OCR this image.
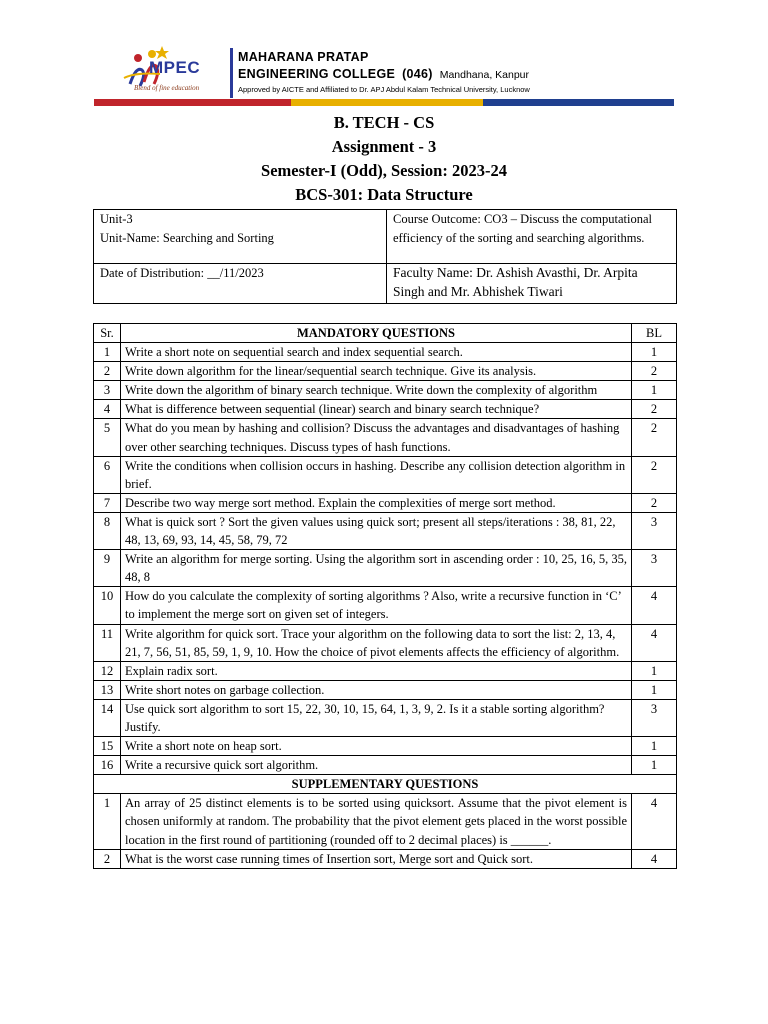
MPEC
Blend of fine education
MAHARANA PRATAP
ENGINEERING COLLEGE (046) Mandhana, Kanpur
Approved by AICTE and Affiliated to Dr. APJ Abdul Kalam Technical University, Lucknow
B. TECH - CS
Assignment - 3
Semester-I (Odd), Session: 2023-24
BCS-301: Data Structure
Unit-3
Unit-Name: Searching and Sorting	Course Outcome: CO3 – Discuss the computational efficiency of the sorting and searching algorithms.
Date of Distribution: __/11/2023	Faculty Name: Dr. Ashish Avasthi, Dr. Arpita Singh and Mr. Abhishek Tiwari
Sr.	MANDATORY QUESTIONS	BL
1	Write a short note on sequential search and index sequential search.	1
2	Write down algorithm for the linear/sequential search technique. Give its analysis.	2
3	Write down the algorithm of binary search technique. Write down the complexity of algorithm	1
4	What is difference between sequential (linear) search and binary search technique?	2
5	What do you mean by hashing and collision? Discuss the advantages and disadvantages of hashing over other searching techniques. Discuss types of hash functions.	2
6	Write the conditions when collision occurs in hashing. Describe any collision detection algorithm in brief.	2
7	Describe two way merge sort method. Explain the complexities of merge sort method.	2
8	What is quick sort ? Sort the given values using quick sort; present all steps/iterations : 38, 81, 22, 48, 13, 69, 93, 14, 45, 58, 79, 72	3
9	Write an algorithm for merge sorting. Using the algorithm sort in ascending order : 10, 25, 16, 5, 35, 48, 8	3
10	How do you calculate the complexity of sorting algorithms ? Also, write a recursive function in ‘C’ to implement the merge sort on given set of integers.	4
11	Write algorithm for quick sort. Trace your algorithm on the following data to sort the list: 2, 13, 4, 21, 7, 56, 51, 85, 59, 1, 9, 10. How the choice of pivot elements affects the efficiency of algorithm.	4
12	Explain radix sort.	1
13	Write short notes on garbage collection.	1
14	Use quick sort algorithm to sort 15, 22, 30, 10, 15, 64, 1, 3, 9, 2. Is it a stable sorting algorithm? Justify.	3
15	Write a short note on heap sort.	1
16	Write a recursive quick sort algorithm.	1
SUPPLEMENTARY QUESTIONS		
1	An array of 25 distinct elements is to be sorted using quicksort. Assume that the pivot element is chosen uniformly at random. The probability that the pivot element gets placed in the worst possible location in the first round of partitioning (rounded off to 2 decimal places) is ______.	4
2	What is the worst case running times of Insertion sort, Merge sort and Quick sort.	4
